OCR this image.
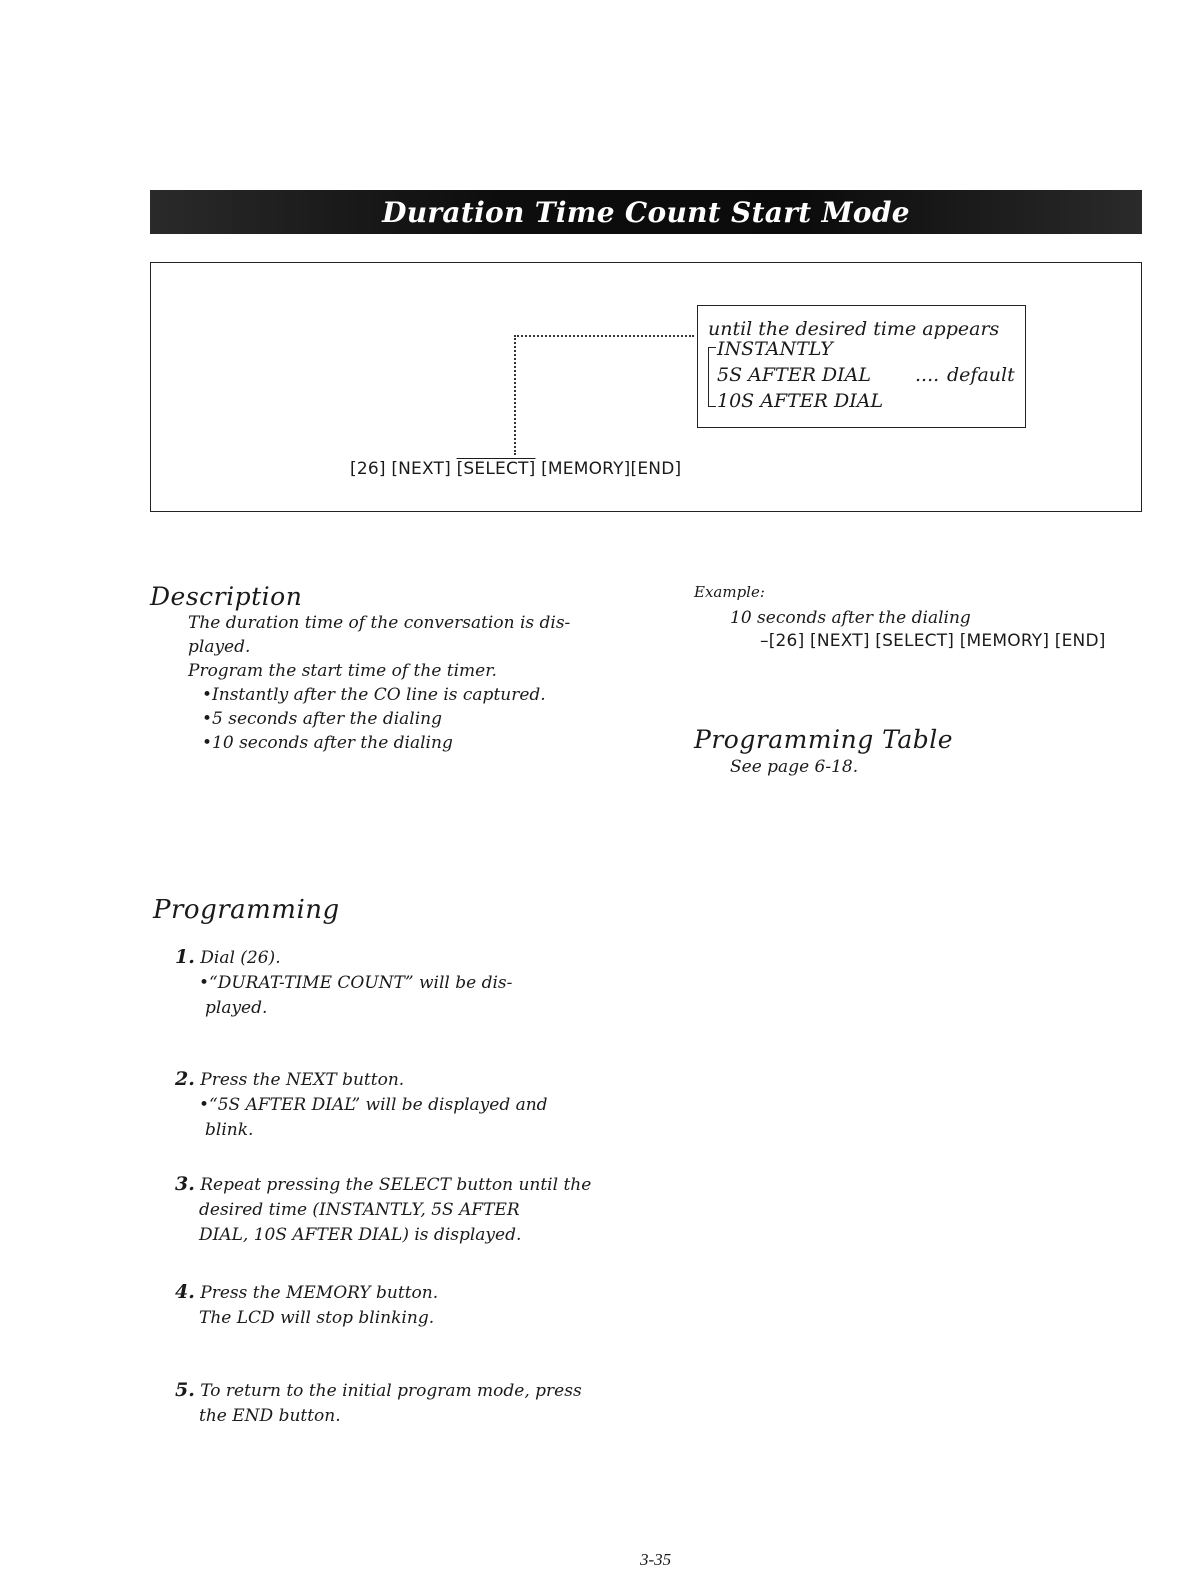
Duration Time Count Start Mode
until the desired time appears
INSTANTLY
5S AFTER DIAL .... default
10S AFTER DIAL
[26] [NEXT] [SELECT] [MEMORY][END]
Description
The duration time of the conversation is dis-
played.
Program the start time of the timer.
•Instantly after the CO line is captured.
•5 seconds after the dialing
•10 seconds after the dialing
Example:
10 seconds after the dialing
–[26] [NEXT] [SELECT] [MEMORY] [END]
Programming Table
See page 6-18.
Programming
1. Dial (26).
•“DURAT-TIME COUNT” will be dis-
played.
2. Press the NEXT button.
•“5S AFTER DIAL” will be displayed and
blink.
3. Repeat pressing the SELECT button until the
desired time (INSTANTLY, 5S AFTER
DIAL, 10S AFTER DIAL) is displayed.
4. Press the MEMORY button.
The LCD will stop blinking.
5. To return to the initial program mode, press
the END button.
3-35
